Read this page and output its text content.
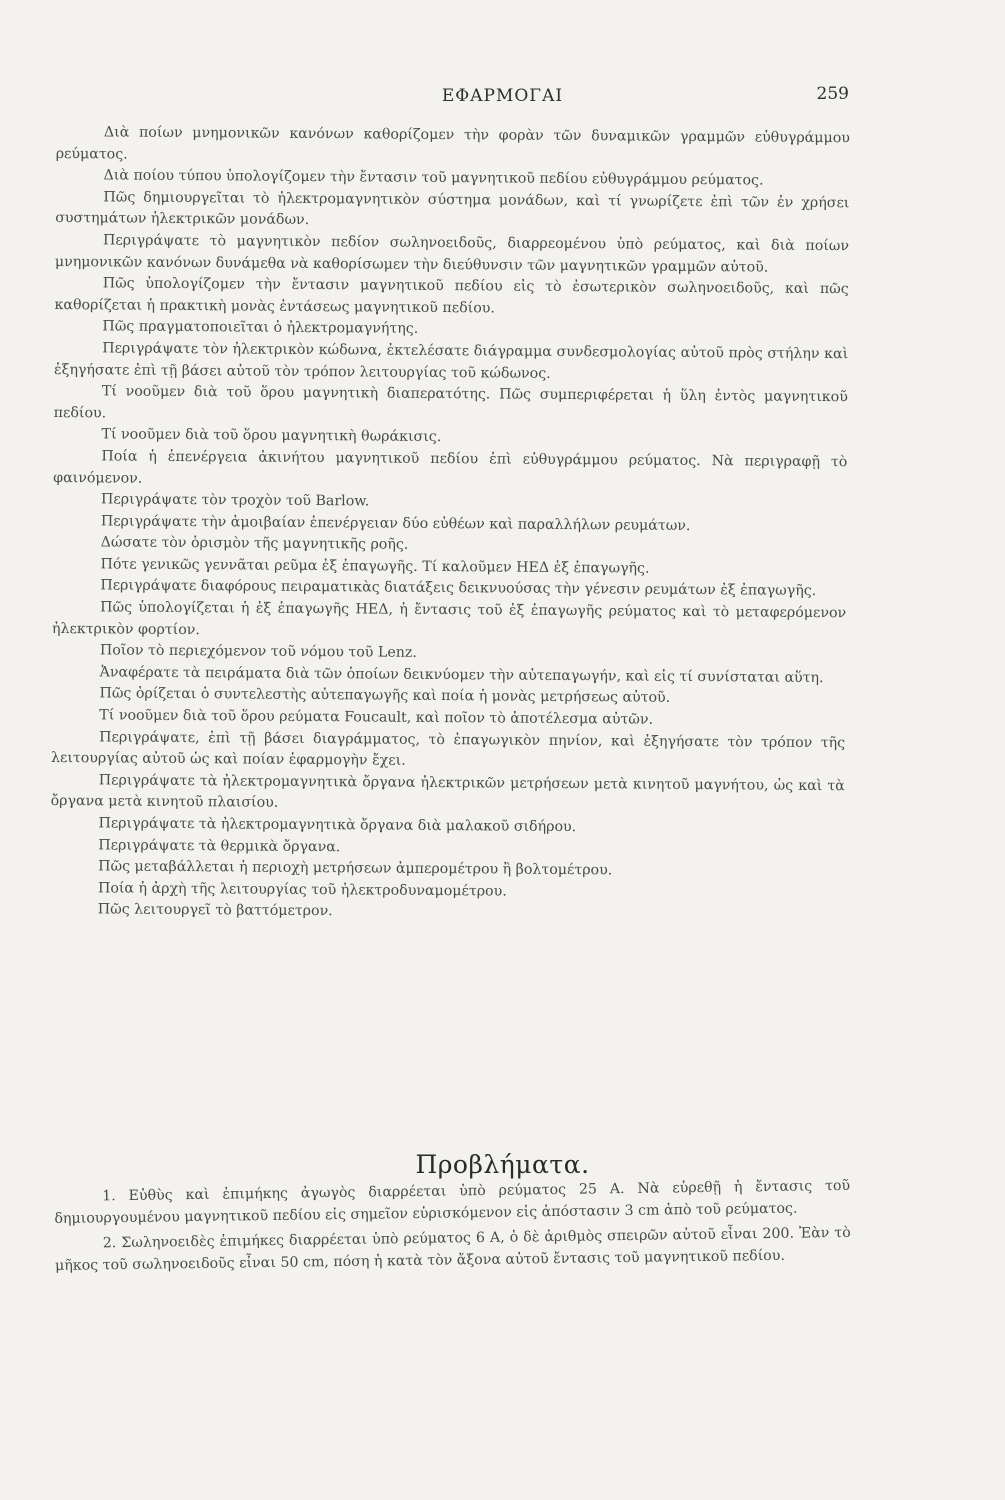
ΕΦΑΡΜΟΓΑΙ	259

Διὰ ποίων μνημονικῶν κανόνων καθορίζομεν τὴν φορὰν τῶν δυναμικῶν γραμμῶν εὐθυγράμμου ρεύματος.

Διὰ ποίου τύπου ὑπολογίζομεν τὴν ἔντασιν τοῦ μαγνητικοῦ πεδίου εὐθυγράμμου ρεύματος.

Πῶς δημιουργεῖται τὸ ἠλεκτρομαγνητικὸν σύστημα μονάδων, καὶ τί γνωρίζετε ἐπὶ τῶν ἐν χρήσει συστημάτων ἠλεκτρικῶν μονάδων.

Περιγράψατε τὸ μαγνητικὸν πεδίον σωληνοειδοῦς, διαρρεομένου ὑπὸ ρεύματος, καὶ διὰ ποίων μνημονικῶν κανόνων δυνάμεθα νὰ καθορίσωμεν τὴν διεύθυνσιν τῶν μαγνητικῶν γραμμῶν αὐτοῦ.

Πῶς ὑπολογίζομεν τὴν ἔντασιν μαγνητικοῦ πεδίου εἰς τὸ ἐσωτερικὸν σωληνοειδοῦς, καὶ πῶς καθορίζεται ἡ πρακτικὴ μονὰς ἐντάσεως μαγνητικοῦ πεδίου.

Πῶς πραγματοποιεῖται ὁ ἠλεκτρομαγνήτης.

Περιγράψατε τὸν ἠλεκτρικὸν κώδωνα, ἐκτελέσατε διάγραμμα συνδεσμολογίας αὐτοῦ πρὸς στήλην καὶ ἐξηγήσατε ἐπὶ τῇ βάσει αὐτοῦ τὸν τρόπον λειτουργίας τοῦ κώδωνος.

Τί νοοῦμεν διὰ τοῦ ὅρου μαγνητικὴ διαπερατότης. Πῶς συμπεριφέρεται ἡ ὕλη ἐντὸς μαγνητικοῦ πεδίου.

Τί νοοῦμεν διὰ τοῦ ὅρου μαγνητικὴ θωράκισις.

Ποία ἡ ἐπενέργεια ἀκινήτου μαγνητικοῦ πεδίου ἐπὶ εὐθυγράμμου ρεύματος. Νὰ περιγραφῇ τὸ φαινόμενον.

Περιγράψατε τὸν τροχὸν τοῦ Barlow.

Περιγράψατε τὴν ἀμοιβαίαν ἐπενέργειαν δύο εὐθέων καὶ παραλλήλων ρευμάτων.

Δώσατε τὸν ὁρισμὸν τῆς μαγνητικῆς ροῆς.

Πότε γενικῶς γεννᾶται ρεῦμα ἐξ ἐπαγωγῆς. Τί καλοῦμεν ΗΕΔ ἐξ ἐπαγωγῆς.

Περιγράψατε διαφόρους πειραματικὰς διατάξεις δεικνυούσας τὴν γένεσιν ρευμάτων ἐξ ἐπαγωγῆς.

Πῶς ὑπολογίζεται ἡ ἐξ ἐπαγωγῆς ΗΕΔ, ἡ ἔντασις τοῦ ἐξ ἐπαγωγῆς ρεύματος καὶ τὸ μεταφερόμενον ἠλεκτρικὸν φορτίον.

Ποῖον τὸ περιεχόμενον τοῦ νόμου τοῦ Lenz.

Ἀναφέρατε τὰ πειράματα διὰ τῶν ὁποίων δεικνύομεν τὴν αὐτεπαγωγήν, καὶ εἰς τί συνίσταται αὕτη.

Πῶς ὁρίζεται ὁ συντελεστὴς αὐτεπαγωγῆς καὶ ποία ἡ μονὰς μετρήσεως αὐτοῦ.

Τί νοοῦμεν διὰ τοῦ ὅρου ρεύματα Foucault, καὶ ποῖον τὸ ἀποτέλεσμα αὐτῶν.

Περιγράψατε, ἐπὶ τῇ βάσει διαγράμματος, τὸ ἐπαγωγικὸν πηνίον, καὶ ἐξηγήσατε τὸν τρόπον τῆς λειτουργίας αὐτοῦ ὡς καὶ ποίαν ἐφαρμογὴν ἔχει.

Περιγράψατε τὰ ἠλεκτρομαγνητικὰ ὄργανα ἠλεκτρικῶν μετρήσεων μετὰ κινητοῦ μαγνήτου, ὡς καὶ τὰ ὄργανα μετὰ κινητοῦ πλαισίου.

Περιγράψατε τὰ ἠλεκτρομαγνητικὰ ὄργανα διὰ μαλακοῦ σιδήρου.

Περιγράψατε τὰ θερμικὰ ὄργανα.

Πῶς μεταβάλλεται ἡ περιοχὴ μετρήσεων ἀμπερομέτρου ἢ βολτομέτρου.

Ποία ἡ ἀρχὴ τῆς λειτουργίας τοῦ ἠλεκτροδυναμομέτρου.

Πῶς λειτουργεῖ τὸ βαττόμετρον.

Προβλήματα.

1. Εὐθὺς καὶ ἐπιμήκης ἀγωγὸς διαρρέεται ὑπὸ ρεύματος 25 Α. Νὰ εὑρεθῇ ἡ ἔντασις τοῦ δημιουργουμένου μαγνητικοῦ πεδίου εἰς σημεῖον εὑρισκόμενον εἰς ἀπόστασιν 3 cm ἀπὸ τοῦ ρεύματος.

2. Σωληνοειδὲς ἐπιμήκες διαρρέεται ὑπὸ ρεύματος 6 Α, ὁ δὲ ἀριθμὸς σπειρῶν αὐτοῦ εἶναι 200. Ἐὰν τὸ μῆκος τοῦ σωληνοειδοῦς εἶναι 50 cm, πόση ἡ κατὰ τὸν ἄξονα αὐτοῦ ἔντασις τοῦ μαγνητικοῦ πεδίου.
